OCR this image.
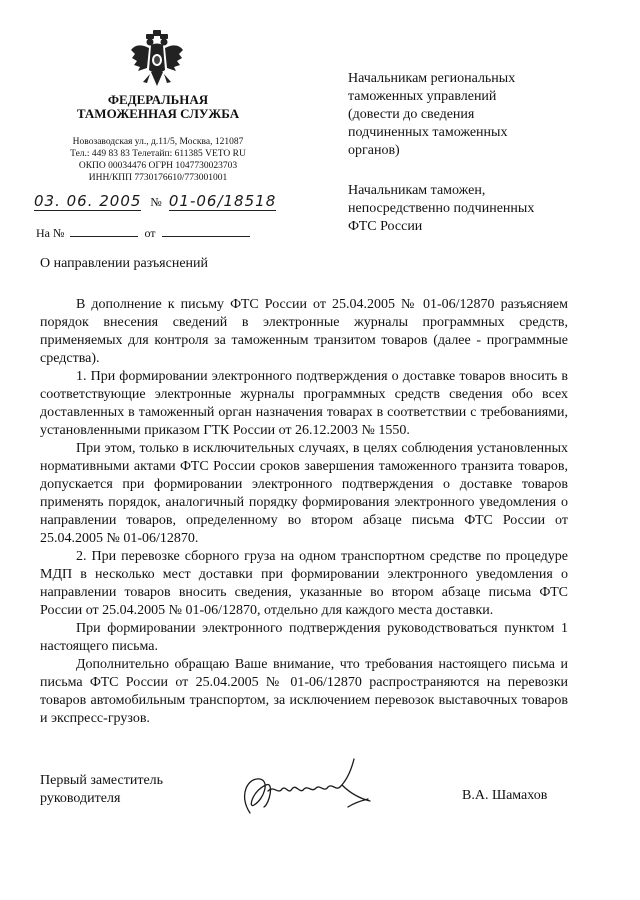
ФЕДЕРАЛЬНАЯ
ТАМОЖЕННАЯ СЛУЖБА
Новозаводская ул., д.11/5, Москва, 121087
Тел.: 449 83 83 Телетайп: 611385 VETO RU
ОКПО 00034476 ОГРН 1047730023703
ИНН/КПП 7730176610/773001001
03. 06. 2005 № 01-06/18518
На №	от
О направлении разъяснений
Начальникам региональных
таможенных управлений
(довести до сведения
подчиненных таможенных
органов)
Начальникам таможен,
непосредственно подчиненных
ФТС России

В дополнение к письму ФТС России от 25.04.2005 № 01-06/12870 разъясняем порядок внесения сведений в электронные журналы программных средств, применяемых для контроля за таможенным транзитом товаров (далее - программные средства).

1. При формировании электронного подтверждения о доставке товаров вносить в соответствующие электронные журналы программных средств сведения обо всех доставленных в таможенный орган назначения товарах в соответствии с требованиями, установленными приказом ГТК России от 26.12.2003 № 1550.

При этом, только в исключительных случаях, в целях соблюдения установленных нормативными актами ФТС России сроков завершения таможенного транзита товаров, допускается при формировании электронного подтверждения о доставке товаров применять порядок, аналогичный порядку формирования электронного уведомления о направлении товаров, определенному во втором абзаце письма ФТС России от 25.04.2005 № 01-06/12870.

2. При перевозке сборного груза на одном транспортном средстве по процедуре МДП в несколько мест доставки при формировании электронного уведомления о направлении товаров вносить сведения, указанные во втором абзаце письма ФТС России от 25.04.2005 № 01-06/12870, отдельно для каждого места доставки.

При формировании электронного подтверждения руководствоваться пунктом 1 настоящего письма.

Дополнительно обращаю Ваше внимание, что требования настоящего письма и письма ФТС России от 25.04.2005 № 01-06/12870 распространяются на перевозки товаров автомобильным транспортом, за исключением перевозок выставочных товаров и экспресс-грузов.

Первый заместитель
руководителя	В.А. Шамахов
